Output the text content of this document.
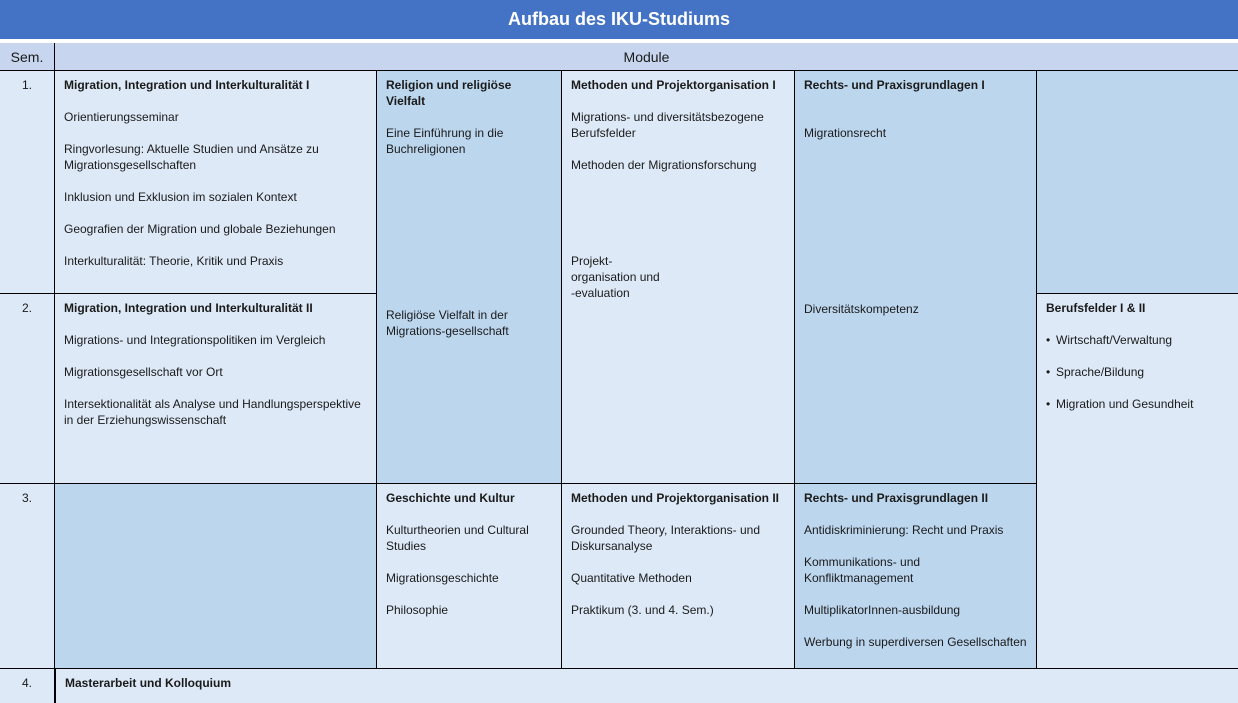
Aufbau des IKU-Studiums
Sem.	Module
1.
2.
3.
4.

Migration, Integration und Interkulturalität I

Orientierungsseminar

Ringvorlesung: Aktuelle Studien und Ansätze zu Migrationsgesellschaften

Inklusion und Exklusion im sozialen Kontext

Geografien der Migration und globale Beziehungen

Interkulturalität: Theorie, Kritik und Praxis

Migration, Integration und Interkulturalität II

Migrations- und Integrationspolitiken im Vergleich

Migrationsgesellschaft vor Ort

Intersektionalität als Analyse und Handlungsperspektive in der Erziehungswissenschaft

Religion und religiöse Vielfalt

Eine Einführung in die Buchreligionen

Religiöse Vielfalt in der Migrations-gesellschaft

Geschichte und Kultur

Kulturtheorien und Cultural Studies

Migrationsgeschichte

Philosophie

Methoden und Projektorganisation I

Migrations- und diversitätsbezogene Berufsfelder

Methoden der Migrationsforschung

Projekt- organisation und -evaluation

Methoden und Projektorganisation II

Grounded Theory, Interaktions- und Diskursanalyse

Quantitative Methoden

Praktikum (3. und 4. Sem.)

Rechts- und Praxisgrundlagen I

Migrationsrecht

Diversitätskompetenz

Rechts- und Praxisgrundlagen II

Antidiskriminierung: Recht und Praxis

Kommunikations- und Konfliktmanagement

MultiplikatorInnen-ausbildung

Werbung in superdiversen Gesellschaften

Berufsfelder I & II

• Wirtschaft/Verwaltung
• Sprache/Bildung
• Migration und Gesundheit

Masterarbeit und Kolloquium
